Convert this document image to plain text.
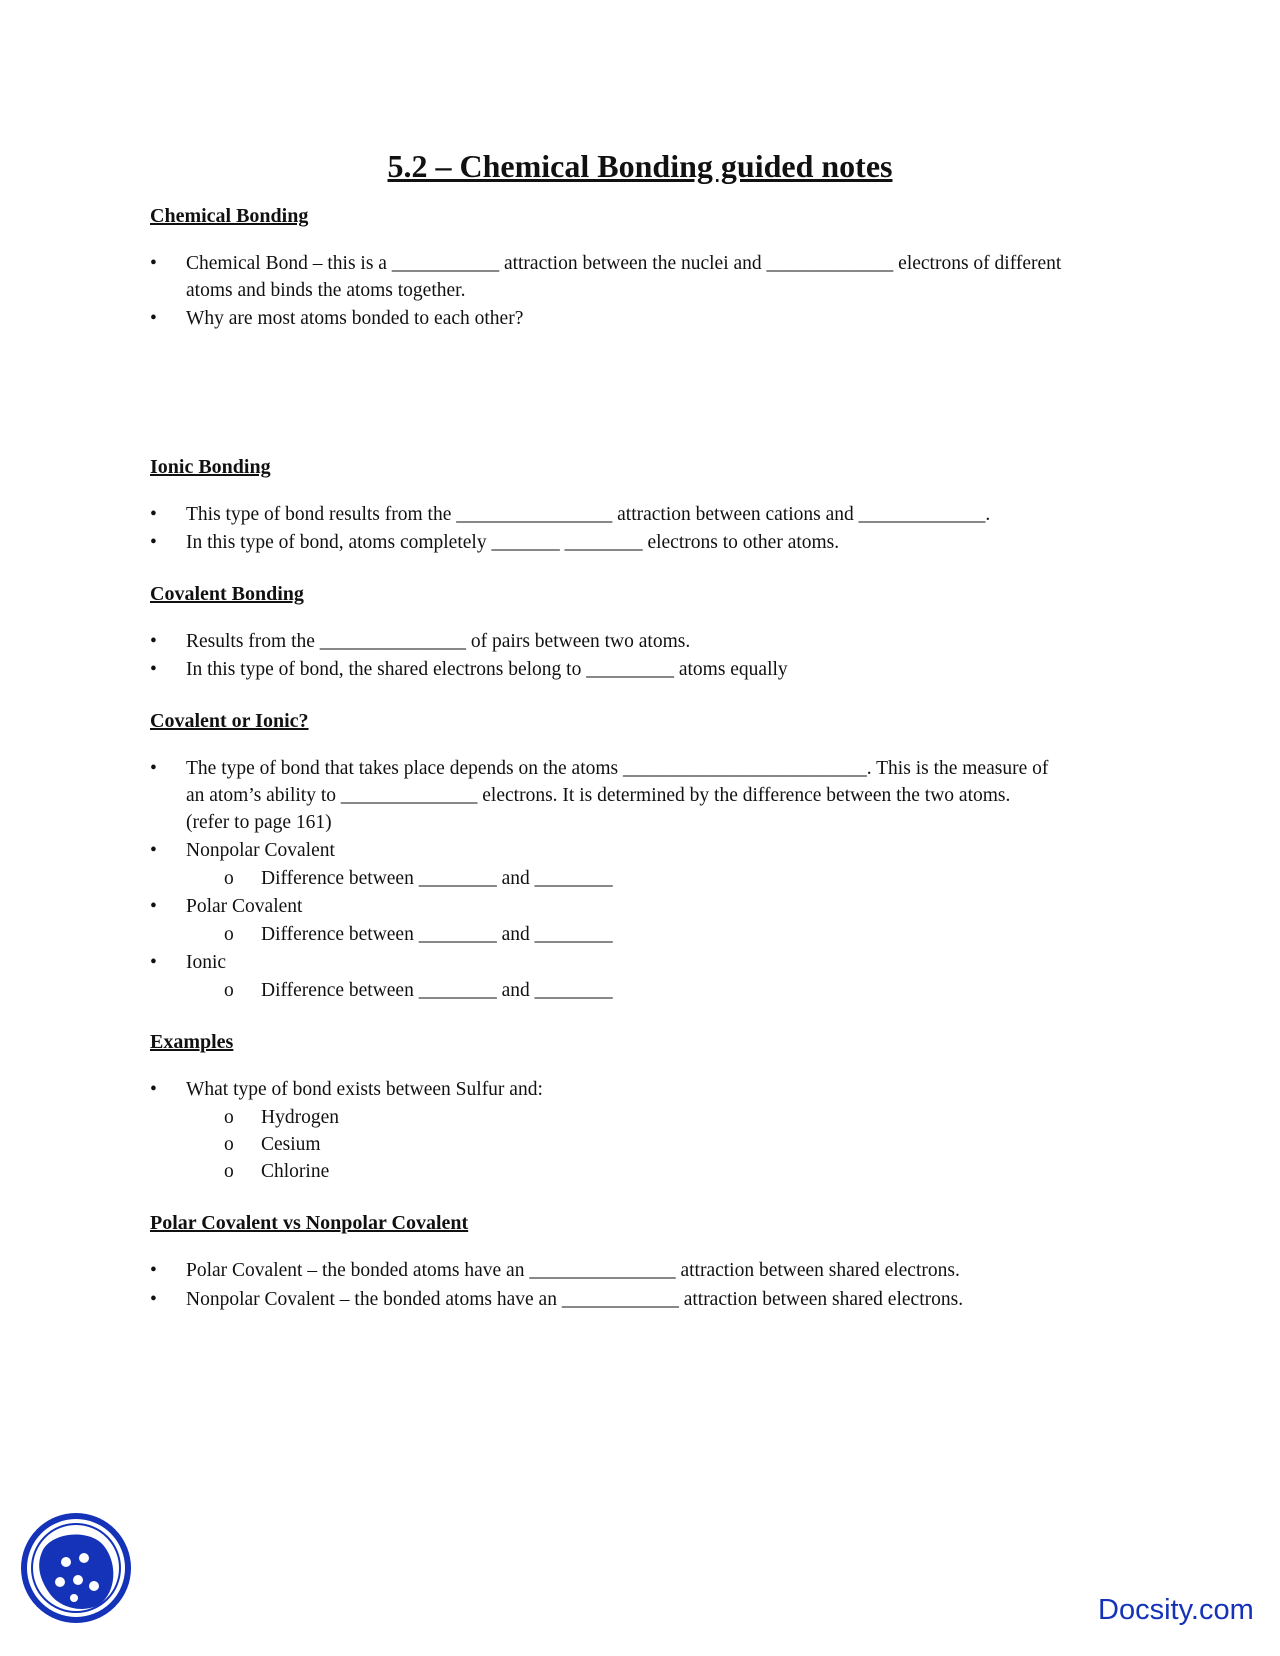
5.2 – Chemical Bonding guided notes
Chemical Bonding
• Chemical Bond – this is a ___________ attraction between the nuclei and _____________ electrons of different
atoms and binds the atoms together.
• Why are most atoms bonded to each other?
Ionic Bonding
• This type of bond results from the ________________ attraction between cations and _____________.
• In this type of bond, atoms completely _______ ________ electrons to other atoms.
Covalent Bonding
• Results from the _______________ of pairs between two atoms.
• In this type of bond, the shared electrons belong to _________ atoms equally
Covalent or Ionic?
• The type of bond that takes place depends on the atoms _________________________. This is the measure of
an atom’s ability to ______________ electrons. It is determined by the difference between the two atoms.
(refer to page 161)
• Nonpolar Covalent
o Difference between ________ and ________
• Polar Covalent
o Difference between ________ and ________
• Ionic
o Difference between ________ and ________
Examples
• What type of bond exists between Sulfur and:
o Hydrogen
o Cesium
o Chlorine
Polar Covalent vs Nonpolar Covalent
• Polar Covalent – the bonded atoms have an _______________ attraction between shared electrons.
• Nonpolar Covalent – the bonded atoms have an ____________ attraction between shared electrons.
Docsity.com
